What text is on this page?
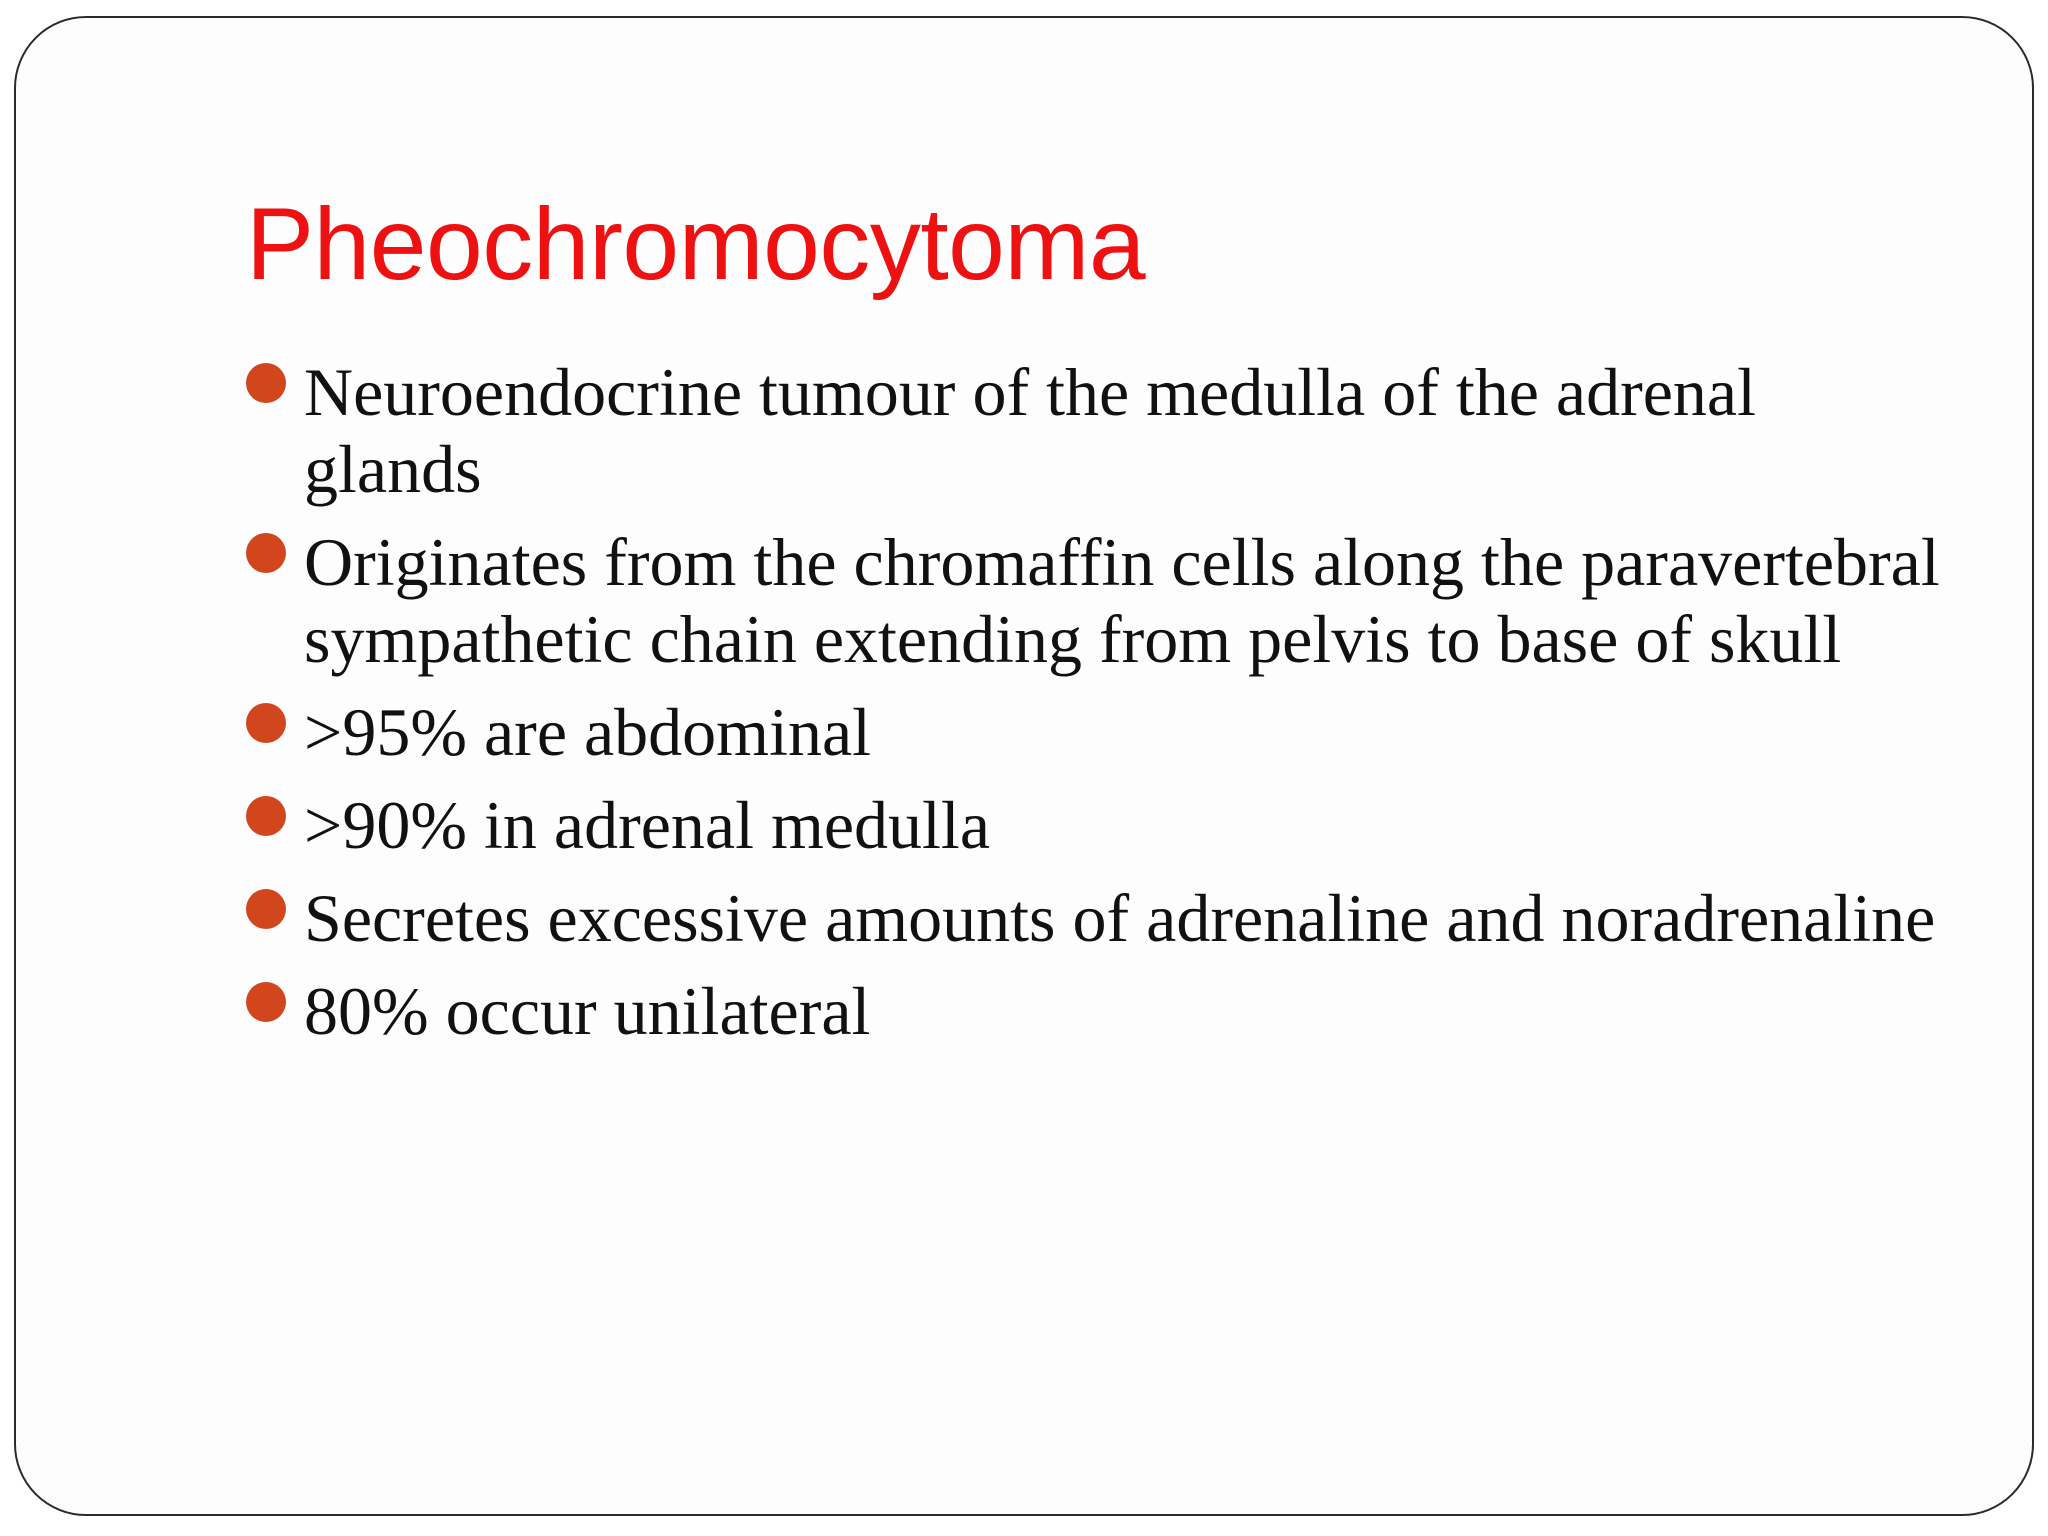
Pheochromocytoma
Neuroendocrine tumour of the medulla of the adrenal glands
Originates from the chromaffin cells along the paravertebral sympathetic chain extending from pelvis to base of skull
>95% are abdominal
>90% in adrenal medulla
Secretes excessive amounts of adrenaline and noradrenaline
80% occur unilateral
